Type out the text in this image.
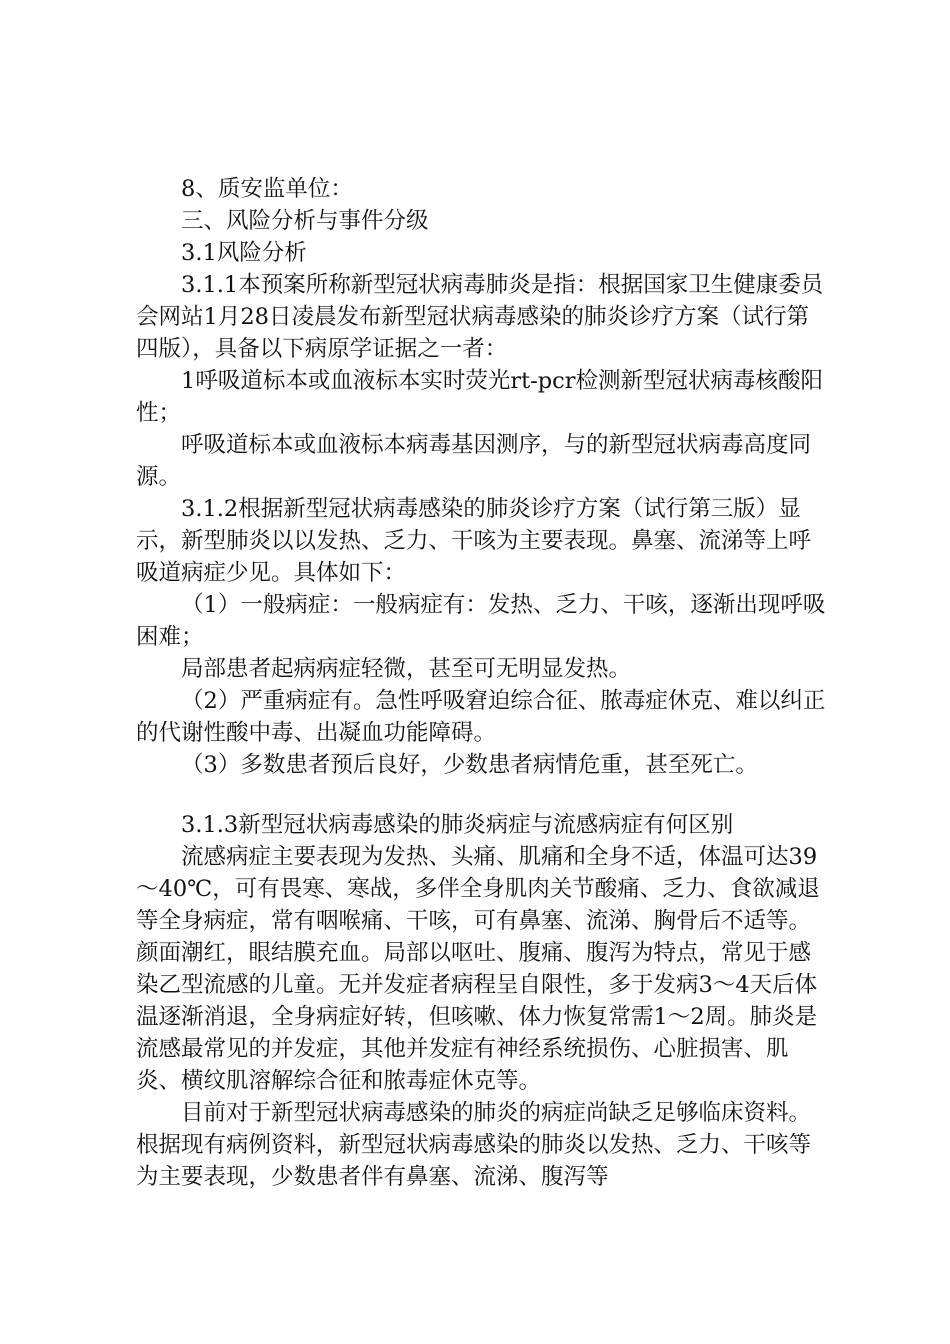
8、质安监单位：

三、风险分析与事件分级

3.1风险分析

3.1.1本预案所称新型冠状病毒肺炎是指：根据国家卫生健康委员会网站1月28日凌晨发布新型冠状病毒感染的肺炎诊疗方案（试行第四版），具备以下病原学证据之一者：

1呼吸道标本或血液标本实时荧光rt-pcr检测新型冠状病毒核酸阳性；

呼吸道标本或血液标本病毒基因测序，与的新型冠状病毒高度同源。

3.1.2根据新型冠状病毒感染的肺炎诊疗方案（试行第三版）显示，新型肺炎以以发热、乏力、干咳为主要表现。鼻塞、流涕等上呼吸道病症少见。具体如下：

（1）一般病症：一般病症有：发热、乏力、干咳，逐渐出现呼吸困难；

局部患者起病病症轻微，甚至可无明显发热。

（2）严重病症有。急性呼吸窘迫综合征、脓毒症休克、难以纠正的代谢性酸中毒、出凝血功能障碍。

（3）多数患者预后良好，少数患者病情危重，甚至死亡。

3.1.3新型冠状病毒感染的肺炎病症与流感病症有何区别

流感病症主要表现为发热、头痛、肌痛和全身不适，体温可达39～40℃，可有畏寒、寒战，多伴全身肌肉关节酸痛、乏力、食欲减退等全身病症，常有咽喉痛、干咳，可有鼻塞、流涕、胸骨后不适等。颜面潮红，眼结膜充血。局部以呕吐、腹痛、腹泻为特点，常见于感染乙型流感的儿童。无并发症者病程呈自限性，多于发病3～4天后体温逐渐消退，全身病症好转，但咳嗽、体力恢复常需1～2周。肺炎是流感最常见的并发症，其他并发症有神经系统损伤、心脏损害、肌炎、横纹肌溶解综合征和脓毒症休克等。

目前对于新型冠状病毒感染的肺炎的病症尚缺乏足够临床资料。根据现有病例资料，新型冠状病毒感染的肺炎以发热、乏力、干咳等为主要表现，少数患者伴有鼻塞、流涕、腹泻等
